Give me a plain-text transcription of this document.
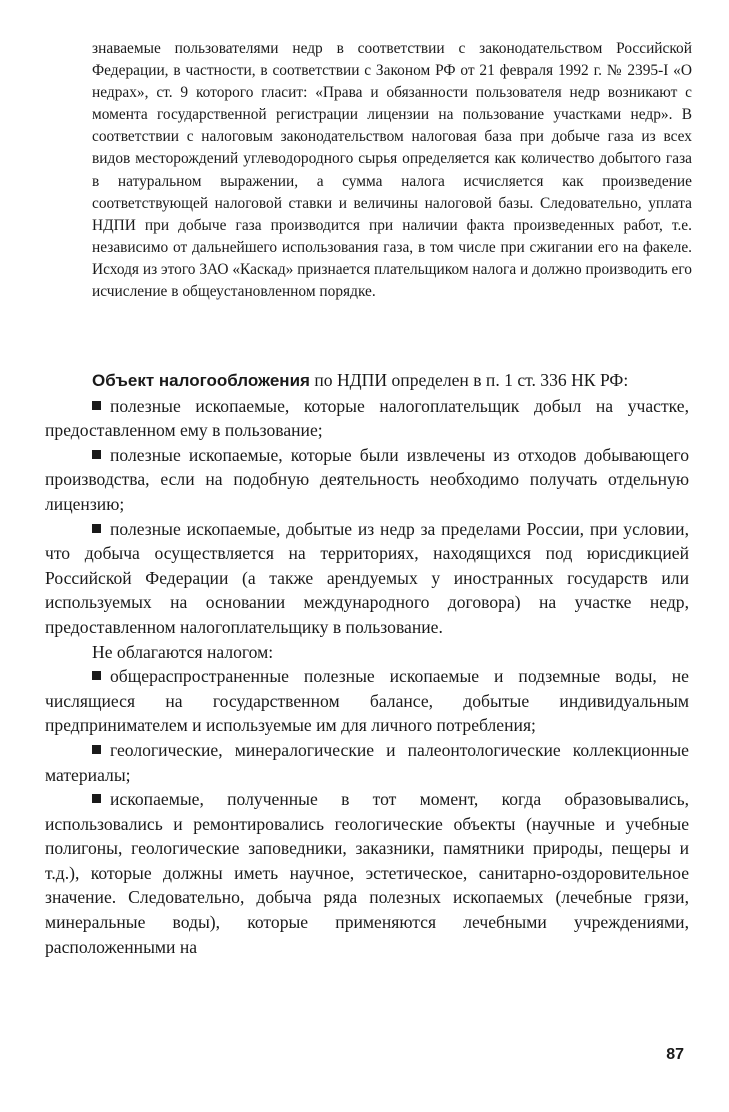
знаваемые пользователями недр в соответствии с законодательством Российской Федерации, в частности, в соответствии с Законом РФ от 21 февраля 1992 г. № 2395-I «О недрах», ст. 9 которого гласит: «Права и обязанности пользователя недр возникают с момента государственной регистрации лицензии на пользование участками недр». В соответствии с налоговым законодательством налоговая база при добыче газа из всех видов месторождений углеводородного сырья определяется как количество добытого газа в натуральном выражении, а сумма налога исчисляется как произведение соответствующей налоговой ставки и величины налоговой базы. Следовательно, уплата НДПИ при добыче газа производится при наличии факта произведенных работ, т.е. независимо от дальнейшего использования газа, в том числе при сжигании его на факеле. Исходя из этого ЗАО «Каскад» признается плательщиком налога и должно производить его исчисление в общеустановленном порядке.

Объект налогообложения по НДПИ определен в п. 1 ст. 336 НК РФ:

полезные ископаемые, которые налогоплательщик добыл на участке, предоставленном ему в пользование;

полезные ископаемые, которые были извлечены из отходов добывающего производства, если на подобную деятельность необходимо получать отдельную лицензию;

полезные ископаемые, добытые из недр за пределами России, при условии, что добыча осуществляется на территориях, находящихся под юрисдикцией Российской Федерации (а также арендуемых у иностранных государств или используемых на основании международного договора) на участке недр, предоставленном налогоплательщику в пользование.

Не облагаются налогом:

общераспространенные полезные ископаемые и подземные воды, не числящиеся на государственном балансе, добытые индивидуальным предпринимателем и используемые им для личного потребления;

геологические, минералогические и палеонтологические коллекционные материалы;

ископаемые, полученные в тот момент, когда образовывались, использовались и ремонтировались геологические объекты (научные и учебные полигоны, геологические заповедники, заказники, памятники природы, пещеры и т.д.), которые должны иметь научное, эстетическое, санитарно-оздоровительное значение. Следовательно, добыча ряда полезных ископаемых (лечебные грязи, минеральные воды), которые применяются лечебными учреждениями, расположенными на

87
